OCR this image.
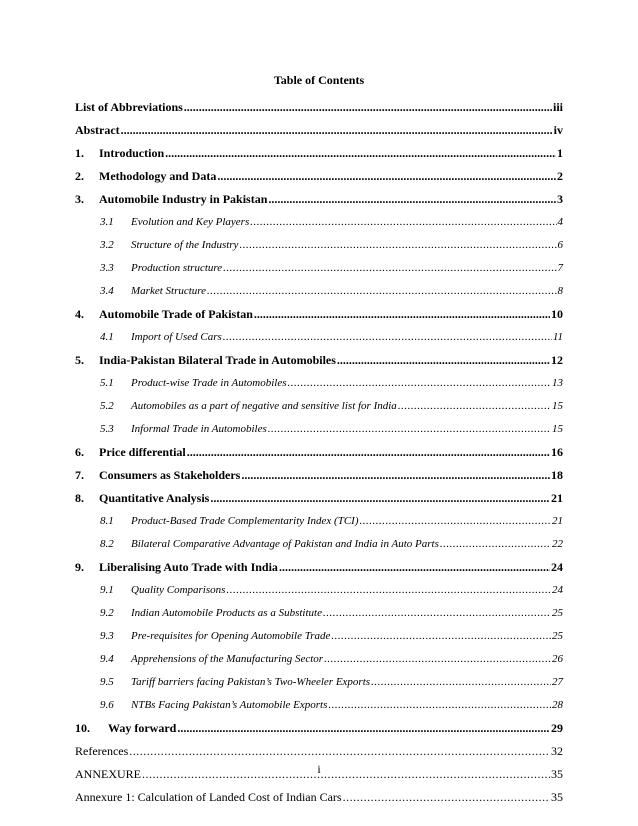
Table of Contents
List of Abbreviations .....	iii
Abstract .....	iv
1.	Introduction .....	1
2.	Methodology and Data .....	2
3.	Automobile Industry in Pakistan .....	3
3.1	Evolution and Key Players .....	4
3.2	Structure of the Industry .....	6
3.3	Production structure .....	7
3.4	Market Structure .....	8
4.	Automobile Trade of Pakistan .....	10
4.1	Import of Used Cars .....	11
5.	India-Pakistan Bilateral Trade in Automobiles .....	12
5.1	Product-wise Trade in Automobiles .....	13
5.2	Automobiles as a part of negative and sensitive list for India .....	15
5.3	Informal Trade in Automobiles .....	15
6.	Price differential .....	16
7.	Consumers as Stakeholders .....	18
8.	Quantitative Analysis .....	21
8.1	Product-Based Trade Complementarity Index (TCI) .....	21
8.2	Bilateral Comparative Advantage of Pakistan and India in Auto Parts .....	22
9.	Liberalising Auto Trade with India .....	24
9.1	Quality Comparisons .....	24
9.2	Indian Automobile Products as a Substitute .....	25
9.3	Pre-requisites for Opening Automobile Trade .....	25
9.4	Apprehensions of the Manufacturing Sector .....	26
9.5	Tariff barriers facing Pakistan’s Two-Wheeler Exports .....	27
9.6	NTBs Facing Pakistan’s Automobile Exports .....	28
10.	Way forward .....	29
References .....	32
ANNEXURE .....	35
Annexure 1: Calculation of Landed Cost of Indian Cars .....	35
i
